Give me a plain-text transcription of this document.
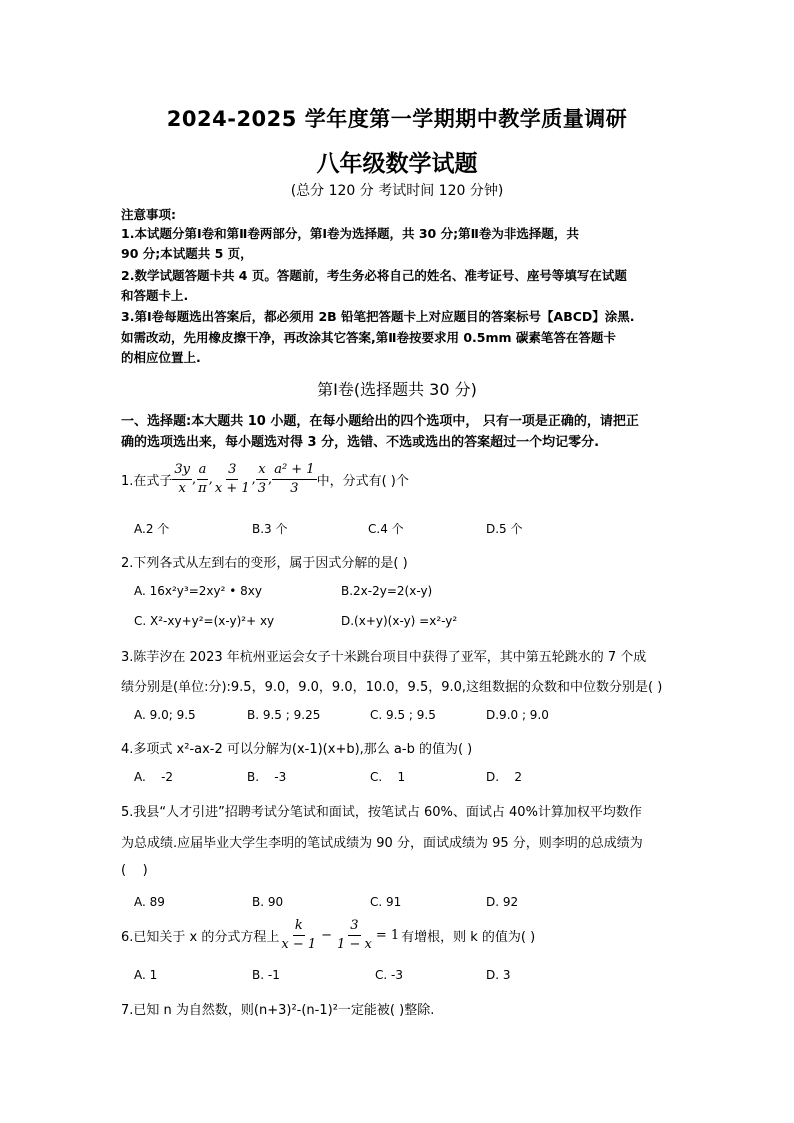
2024-2025 学年度第一学期期中教学质量调研
八年级数学试题
(总分 120 分 考试时间 120 分钟)
注意事项:
1.本试题分第Ⅰ卷和第Ⅱ卷两部分，第Ⅰ卷为选择题，共 30 分;第Ⅱ卷为非选择题，共
90 分;本试题共 5 页，
2.数学试题答题卡共 4 页。答题前，考生务必将自己的姓名、准考证号、座号等填写在试题
和答题卡上.
3.第Ⅰ卷每题选出答案后，都必须用 2B 铅笔把答题卡上对应题目的答案标号【ABCD】涂黑.
如需改动，先用橡皮擦干净，再改涂其它答案,第Ⅱ卷按要求用 0.5mm 碳素笔答在答题卡
的相应位置上.
第Ⅰ卷(选择题共 30 分)
一、选择题:本大题共 10 小题，在每小题给出的四个选项中， 只有一项是正确的，请把正
确的选项选出来，每小题选对得 3 分，选错、不选或选出的答案超过一个均记零分.
1.在式子 $\frac{3y}{x}$ , $\frac{a}{\pi}$ , $\frac{3}{x + 1}$ , $\frac{x}{3}$ , $\frac{\text{a² + 1}}{3}$ 中，分式有( )个
A.2 个	B.3 个	C.4 个	D.5 个
2.下列各式从左到右的变形，属于因式分解的是( )
A. 16x²y³=2xy² • 8xy	B.2x-2y=2(x-y)
C. X²-xy+y²=(x-y)²+ xy	D.(x+y)(x-y) =x²-y²
3.陈芋汐在 2023 年杭州亚运会女子十米跳台项目中获得了亚军，其中第五轮跳水的 7 个成
绩分别是(单位:分):9.5，9.0，9.0，9.0，10.0，9.5，9.0,这组数据的众数和中位数分别是( )
A. 9.0; 9.5	B. 9.5 ; 9.25	C. 9.5 ; 9.5	D.9.0 ; 9.0
4.多项式 x²-ax-2 可以分解为(x-1)(x+b),那么 a-b 的值为( )
A.    -2	B.    -3	C.    1	D.    2
5.我县“人才引进”招聘考试分笔试和面试，按笔试占 60%、面试占 40%计算加权平均数作
为总成绩.应届毕业大学生李明的笔试成绩为 90 分，面试成绩为 95 分，则李明的总成绩为
(    )
A. 89	B. 90	C. 91	D. 92
6.已知关于 x 的分式方程上 $\frac{k}{x - 1} - \frac{3}{1 - x} = 1$ 有增根，则 k 的值为( )
A. 1	B. -1	C. -3	D. 3
7.已知 n 为自然数，则(n+3)²-(n-1)²一定能被( )整除.
